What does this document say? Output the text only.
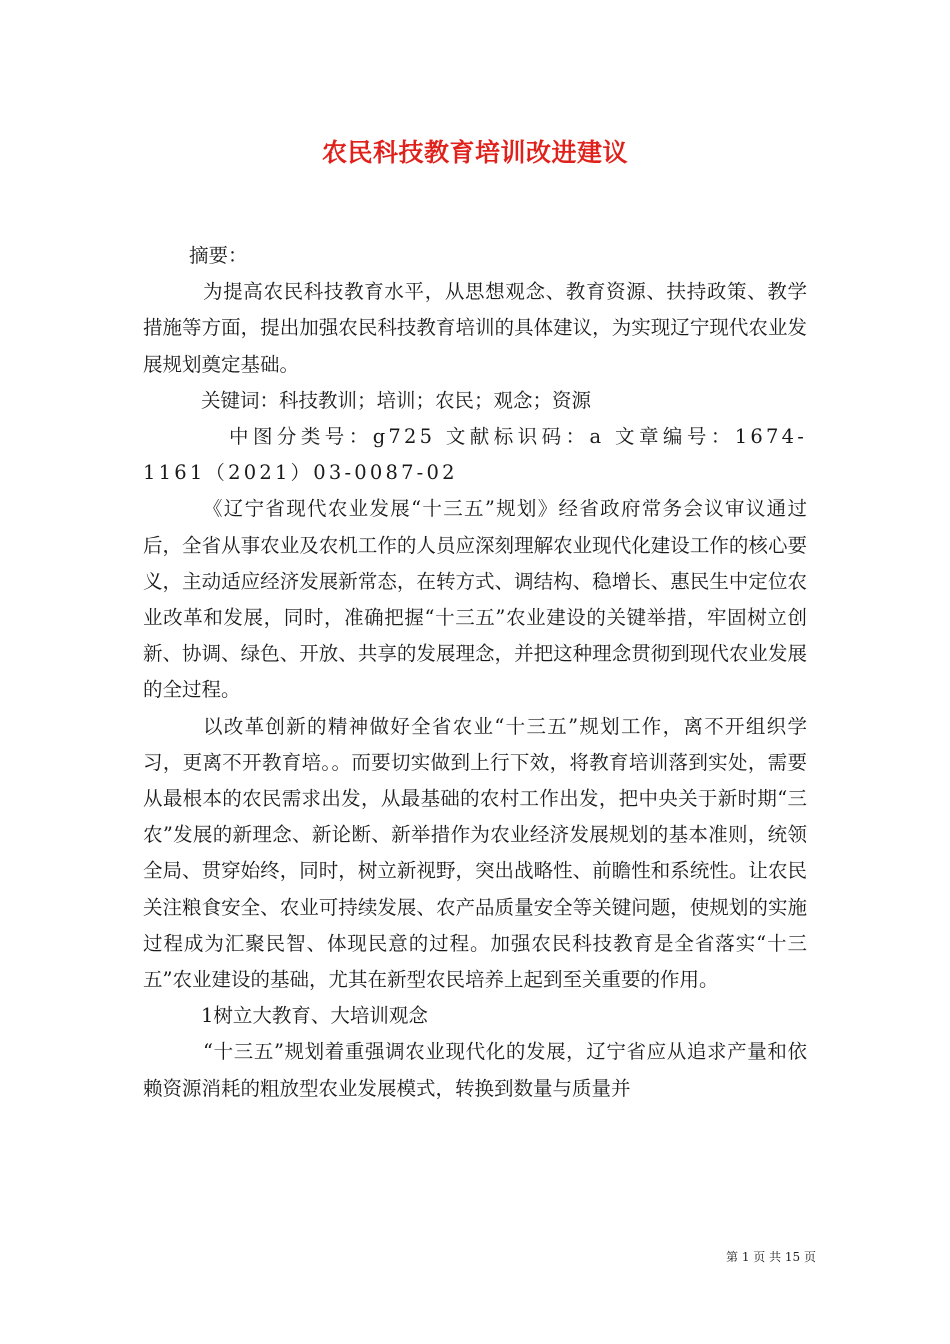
农民科技教育培训改进建议

摘要：

为提高农民科技教育水平，从思想观念、教育资源、扶持政策、教学措施等方面，提出加强农民科技教育培训的具体建议，为实现辽宁现代农业发展规划奠定基础。

关键词：科技教训；培训；农民；观念；资源

中图分类号：g725 文献标识码：a 文章编号：1674-1161（2021）03-0087-02

《辽宁省现代农业发展“十三五”规划》经省政府常务会议审议通过后，全省从事农业及农机工作的人员应深刻理解农业现代化建设工作的核心要义，主动适应经济发展新常态，在转方式、调结构、稳增长、惠民生中定位农业改革和发展，同时，准确把握“十三五”农业建设的关键举措，牢固树立创新、协调、绿色、开放、共享的发展理念，并把这种理念贯彻到现代农业发展的全过程。

以改革创新的精神做好全省农业“十三五”规划工作，离不开组织学习，更离不开教育培。。而要切实做到上行下效，将教育培训落到实处，需要从最根本的农民需求出发，从最基础的农村工作出发，把中央关于新时期“三农”发展的新理念、新论断、新举措作为农业经济发展规划的基本准则，统领全局、贯穿始终，同时，树立新视野，突出战略性、前瞻性和系统性。让农民关注粮食安全、农业可持续发展、农产品质量安全等关键问题，使规划的实施过程成为汇聚民智、体现民意的过程。加强农民科技教育是全省落实“十三五”农业建设的基础，尤其在新型农民培养上起到至关重要的作用。

1树立大教育、大培训观念

“十三五”规划着重强调农业现代化的发展，辽宁省应从追求产量和依赖资源消耗的粗放型农业发展模式，转换到数量与质量并

第 1 页 共 15 页
